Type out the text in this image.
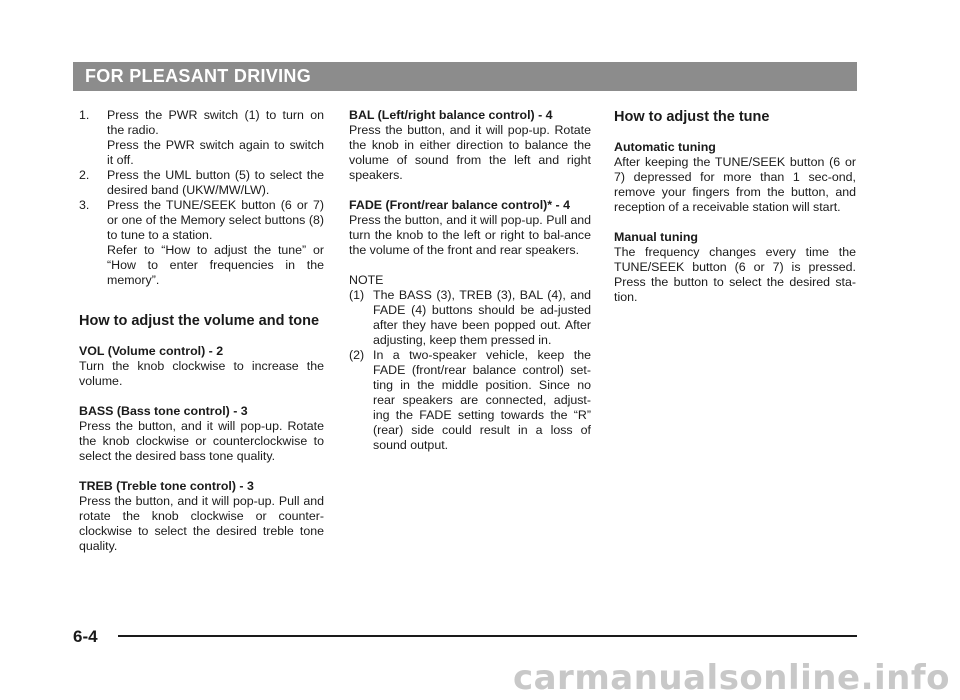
FOR PLEASANT DRIVING
1. Press the PWR switch (1) to turn on the radio.
Press the PWR switch again to switch it off.
2. Press the UML button (5) to select the desired band (UKW/MW/LW).
3. Press the TUNE/SEEK button (6 or 7) or one of the Memory select buttons (8) to tune to a station.
Refer to “How to adjust the tune” or “How to enter frequencies in the memory”.
How to adjust the volume and tone
VOL (Volume control) - 2

Turn the knob clockwise to increase the volume.

BASS (Bass tone control) - 3

Press the button, and it will pop-up. Rotate the knob clockwise or counterclockwise to select the desired bass tone quality.

TREB (Treble tone control) - 3

Press the button, and it will pop-up. Pull and rotate the knob clockwise or counter-clockwise to select the desired treble tone quality.

BAL (Left/right balance control) - 4

Press the button, and it will pop-up. Rotate the knob in either direction to balance the volume of sound from the left and right speakers.

FADE (Front/rear balance control)* - 4

Press the button, and it will pop-up. Pull and turn the knob to the left or right to bal-ance the volume of the front and rear speakers.

NOTE
(1) The BASS (3), TREB (3), BAL (4), and FADE (4) buttons should be ad-justed after they have been popped out. After adjusting, keep them pressed in.
(2) In a two-speaker vehicle, keep the FADE (front/rear balance control) set-ting in the middle position. Since no rear speakers are connected, adjust-ing the FADE setting towards the “R” (rear) side could result in a loss of sound output.
How to adjust the tune
Automatic tuning

After keeping the TUNE/SEEK button (6 or 7) depressed for more than 1 sec-ond, remove your fingers from the button, and reception of a receivable station will start.

Manual tuning

The frequency changes every time the TUNE/SEEK button (6 or 7) is pressed. Press the button to select the desired sta-tion.

6-4
carmanualsonline.info
